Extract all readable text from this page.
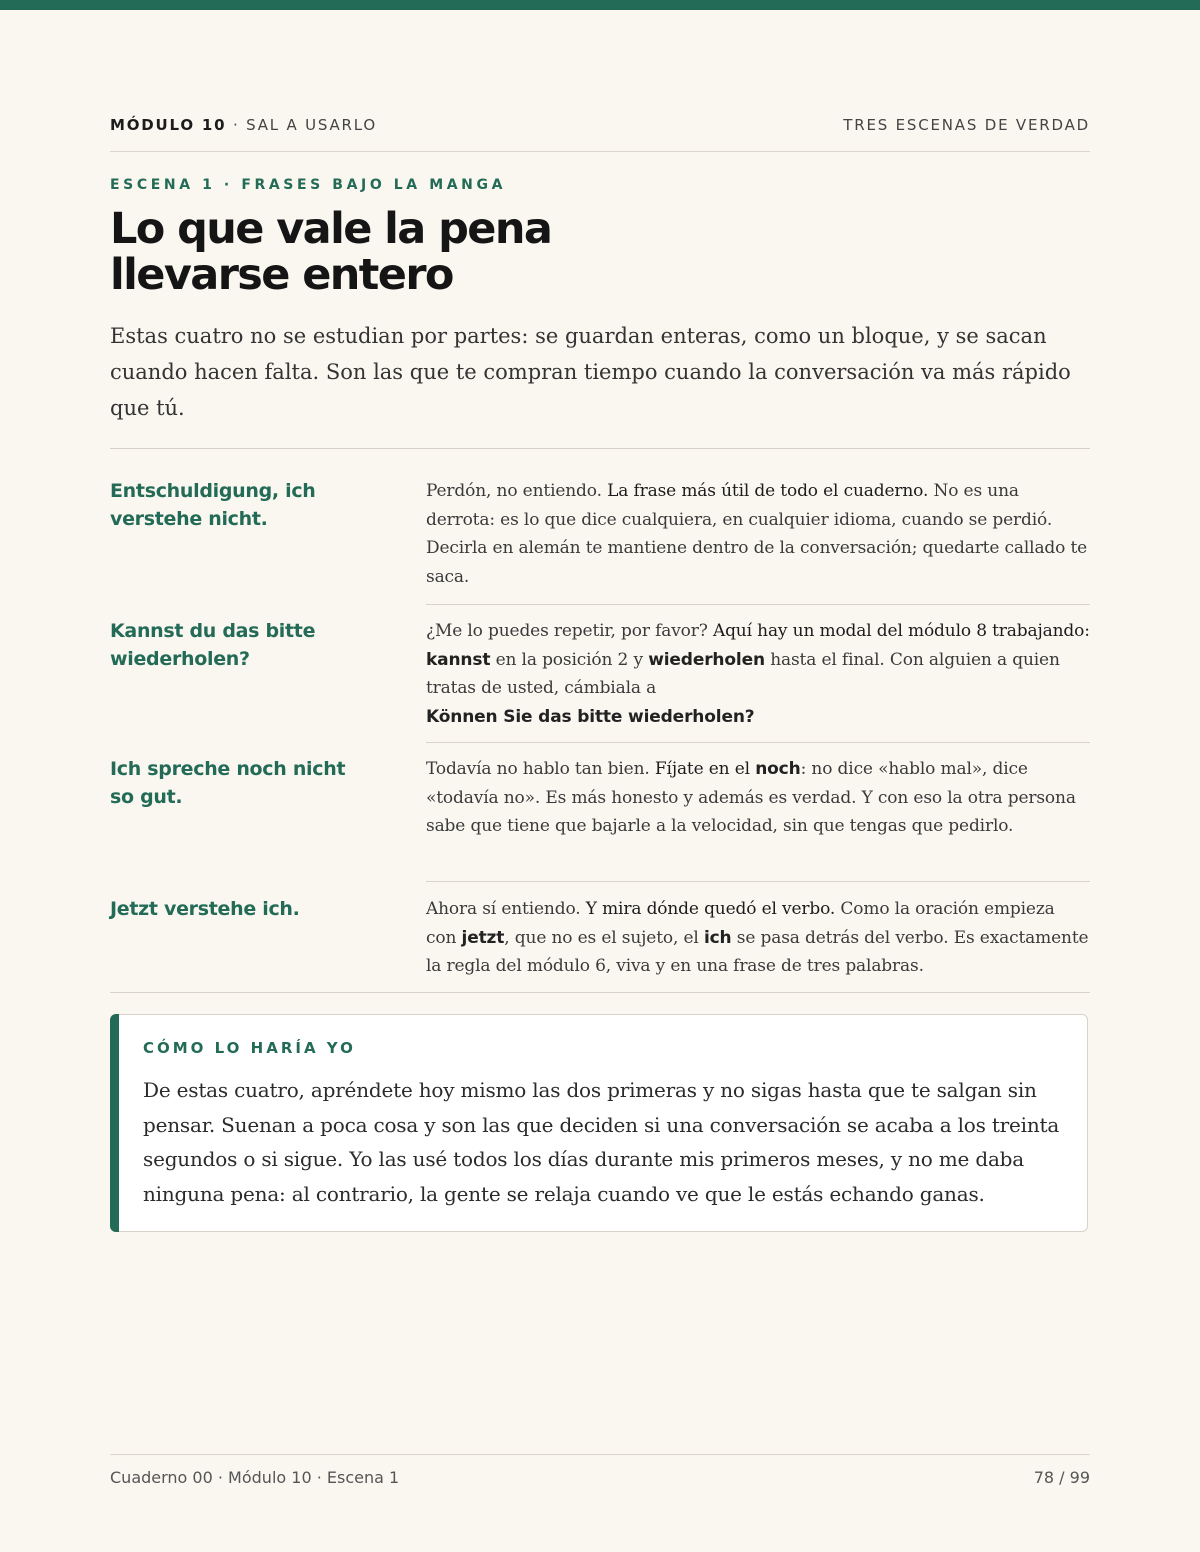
MÓDULO 10 · SAL A USARLO	TRES ESCENAS DE VERDAD
ESCENA 1 · FRASES BAJO LA MANGA
Lo que vale la pena llevarse entero

Estas cuatro no se estudian por partes: se guardan enteras, como un bloque, y se sacan cuando hacen falta. Son las que te compran tiempo cuando la conversación va más rápido que tú.

Entschuldigung, ich verstehe nicht.

Perdón, no entiendo. La frase más útil de todo el cuaderno. No es una derrota: es lo que dice cualquiera, en cualquier idioma, cuando se perdió. Decirla en alemán te mantiene dentro de la conversación; quedarte callado te saca.

Kannst du das bitte wiederholen?

¿Me lo puedes repetir, por favor? Aquí hay un modal del módulo 8 trabajando: kannst en la posición 2 y wiederholen hasta el final. Con alguien a quien tratas de usted, cámbiala a
Können Sie das bitte wiederholen?

Ich spreche noch nicht so gut.

Todavía no hablo tan bien. Fíjate en el noch: no dice «hablo mal», dice «todavía no». Es más honesto y además es verdad. Y con eso la otra persona sabe que tiene que bajarle a la velocidad, sin que tengas que pedirlo.

Jetzt verstehe ich.	Ahora sí entiendo. Y mira dónde quedó el verbo. Como la oración empieza con jetzt, que no es el sujeto, el ich se pasa detrás del verbo. Es exactamente la regla del módulo 6, viva y en una frase de tres palabras.

CÓMO LO HARÍA YO

De estas cuatro, apréndete hoy mismo las dos primeras y no sigas hasta que te salgan sin pensar. Suenan a poca cosa y son las que deciden si una conversación se acaba a los treinta segundos o si sigue. Yo las usé todos los días durante mis primeros meses, y no me daba ninguna pena: al contrario, la gente se relaja cuando ve que le estás echando ganas.

Cuaderno 00 · Módulo 10 · Escena 1	78 / 99
